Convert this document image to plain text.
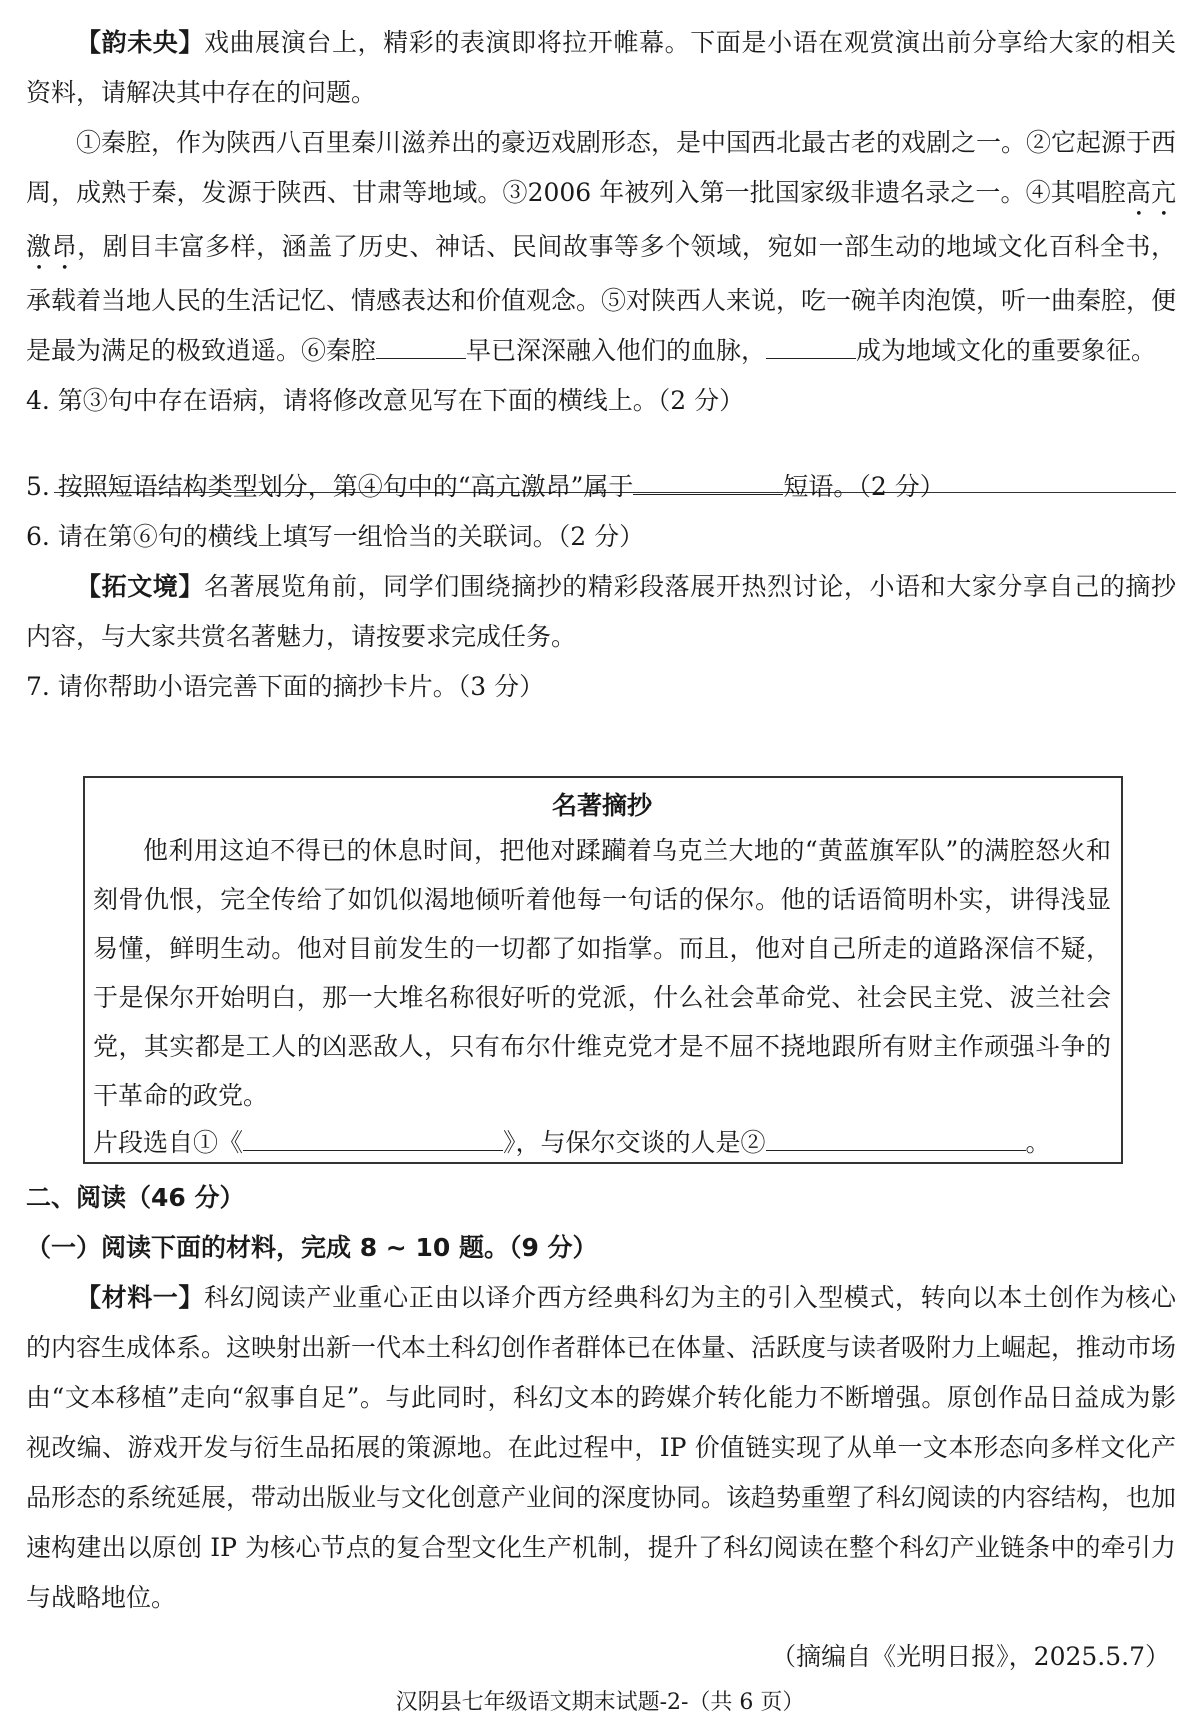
【韵未央】戏曲展演台上，精彩的表演即将拉开帷幕。下面是小语在观赏演出前分享给大家的相关资料，请解决其中存在的问题。

①秦腔，作为陕西八百里秦川滋养出的豪迈戏剧形态，是中国西北最古老的戏剧之一。②它起源于西周，成熟于秦，发源于陕西、甘肃等地域。③2006 年被列入第一批国家级非遗名录之一。④其唱腔高亢激昂，剧目丰富多样，涵盖了历史、神话、民间故事等多个领域，宛如一部生动的地域文化百科全书，承载着当地人民的生活记忆、情感表达和价值观念。⑤对陕西人来说，吃一碗羊肉泡馍，听一曲秦腔，便是最为满足的极致逍遥。⑥秦腔	早已深深融入他们的血脉，	成为地域文化的重要象征。

4. 第③句中存在语病，请将修改意见写在下面的横线上。（2 分）

5. 按照短语结构类型划分，第④句中的“高亢激昂”属于	短语。（2 分）

6. 请在第⑥句的横线上填写一组恰当的关联词。（2 分）

【拓文境】名著展览角前，同学们围绕摘抄的精彩段落展开热烈讨论，小语和大家分享自己的摘抄内容，与大家共赏名著魅力，请按要求完成任务。

7. 请你帮助小语完善下面的摘抄卡片。（3 分）

名著摘抄

他利用这迫不得已的休息时间，把他对蹂躏着乌克兰大地的“黄蓝旗军队”的满腔怒火和刻骨仇恨，完全传给了如饥似渴地倾听着他每一句话的保尔。他的话语简明朴实，讲得浅显易懂，鲜明生动。他对目前发生的一切都了如指掌。而且，他对自己所走的道路深信不疑，于是保尔开始明白，那一大堆名称很好听的党派，什么社会革命党、社会民主党、波兰社会党，其实都是工人的凶恶敌人，只有布尔什维克党才是不屈不挠地跟所有财主作顽强斗争的干革命的政党。

片段选自①《	》，与保尔交谈的人是②	。

二、阅读（46 分）

（一）阅读下面的材料，完成 8 ~ 10 题。（9 分）

【材料一】科幻阅读产业重心正由以译介西方经典科幻为主的引入型模式，转向以本土创作为核心的内容生成体系。这映射出新一代本土科幻创作者群体已在体量、活跃度与读者吸附力上崛起，推动市场由“文本移植”走向“叙事自足”。与此同时，科幻文本的跨媒介转化能力不断增强。原创作品日益成为影视改编、游戏开发与衍生品拓展的策源地。在此过程中，IP 价值链实现了从单一文本形态向多样文化产品形态的系统延展，带动出版业与文化创意产业间的深度协同。该趋势重塑了科幻阅读的内容结构，也加速构建出以原创 IP 为核心节点的复合型文化生产机制，提升了科幻阅读在整个科幻产业链条中的牵引力与战略地位。

（摘编自《光明日报》，2025.5.7）
汉阴县七年级语文期末试题-2-（共 6 页）
